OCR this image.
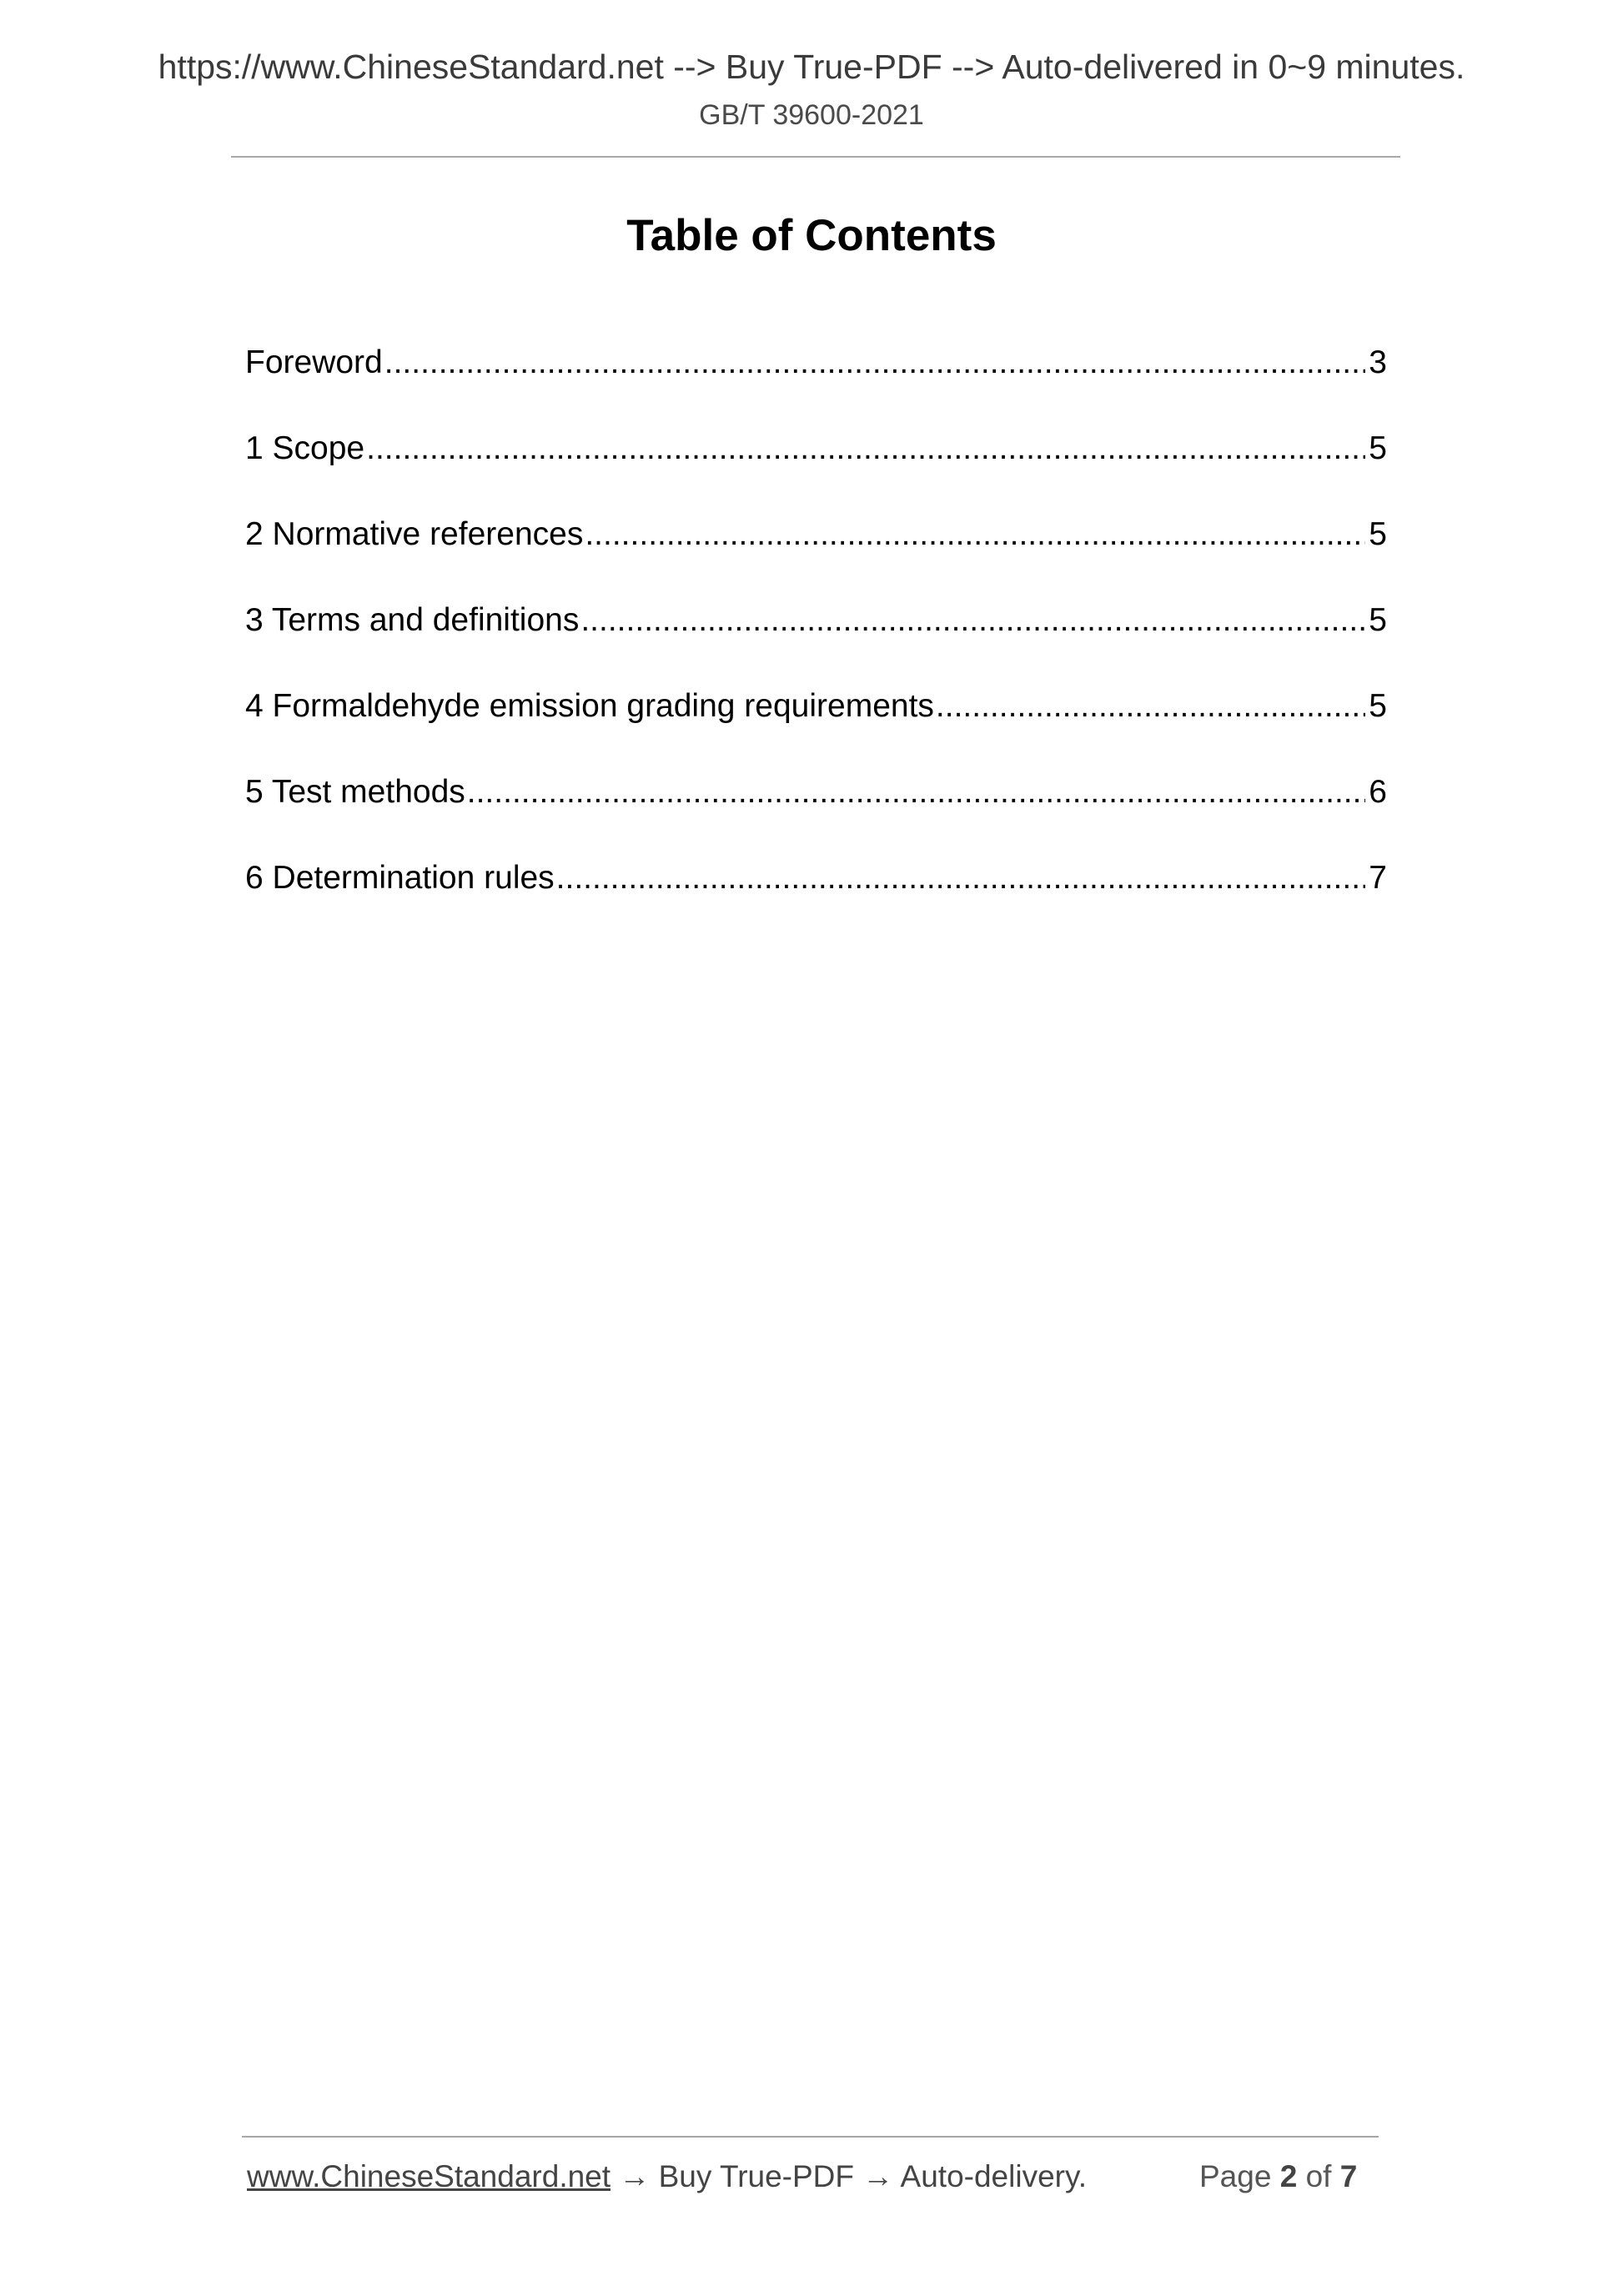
https://www.ChineseStandard.net --> Buy True-PDF --> Auto-delivered in 0~9 minutes.
GB/T 39600-2021
Table of Contents
Foreword .....	3
1 Scope .....	5
2 Normative references .....	5
3 Terms and definitions .....	5
4 Formaldehyde emission grading requirements .....	5
5 Test methods .....	6
6 Determination rules .....	7
www.ChineseStandard.net → Buy True-PDF → Auto-delivery.	Page 2 of 7
